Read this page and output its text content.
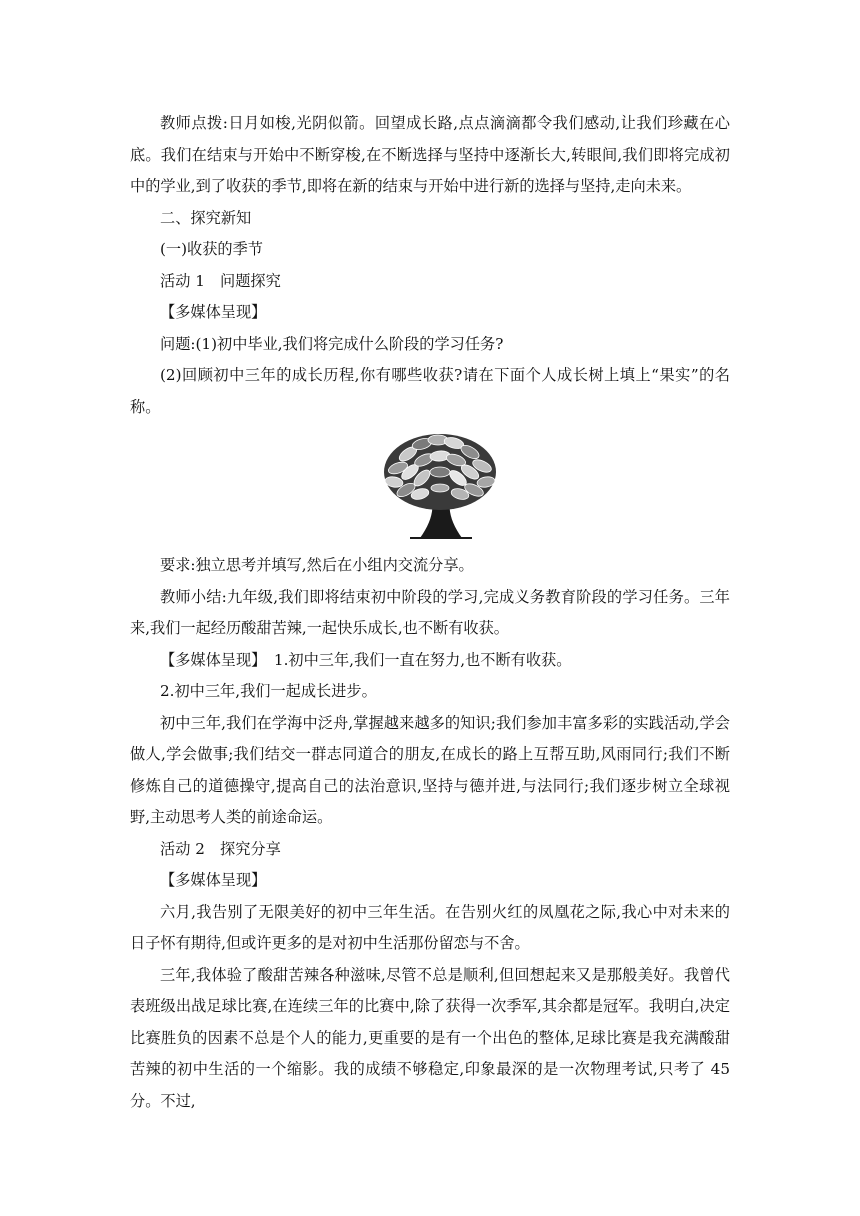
教师点拨:日月如梭,光阴似箭。回望成长路,点点滴滴都令我们感动,让我们珍藏在心底。我们在结束与开始中不断穿梭,在不断选择与坚持中逐渐长大,转眼间,我们即将完成初中的学业,到了收获的季节,即将在新的结束与开始中进行新的选择与坚持,走向未来。

二、探究新知

(一)收获的季节

活动 1　问题探究

【多媒体呈现】

问题:(1)初中毕业,我们将完成什么阶段的学习任务?

(2)回顾初中三年的成长历程,你有哪些收获?请在下面个人成长树上填上“果实”的名称。

要求:独立思考并填写,然后在小组内交流分享。

教师小结:九年级,我们即将结束初中阶段的学习,完成义务教育阶段的学习任务。三年来,我们一起经历酸甜苦辣,一起快乐成长,也不断有收获。

【多媒体呈现】　1.初中三年,我们一直在努力,也不断有收获。

2.初中三年,我们一起成长进步。

初中三年,我们在学海中泛舟,掌握越来越多的知识;我们参加丰富多彩的实践活动,学会做人,学会做事;我们结交一群志同道合的朋友,在成长的路上互帮互助,风雨同行;我们不断修炼自己的道德操守,提高自己的法治意识,坚持与德并进,与法同行;我们逐步树立全球视野,主动思考人类的前途命运。

活动 2　探究分享

【多媒体呈现】

六月,我告别了无限美好的初中三年生活。在告别火红的凤凰花之际,我心中对未来的日子怀有期待,但或许更多的是对初中生活那份留恋与不舍。

三年,我体验了酸甜苦辣各种滋味,尽管不总是顺利,但回想起来又是那般美好。我曾代表班级出战足球比赛,在连续三年的比赛中,除了获得一次季军,其余都是冠军。我明白,决定比赛胜负的因素不总是个人的能力,更重要的是有一个出色的整体,足球比赛是我充满酸甜苦辣的初中生活的一个缩影。我的成绩不够稳定,印象最深的是一次物理考试,只考了 45 分。不过,
